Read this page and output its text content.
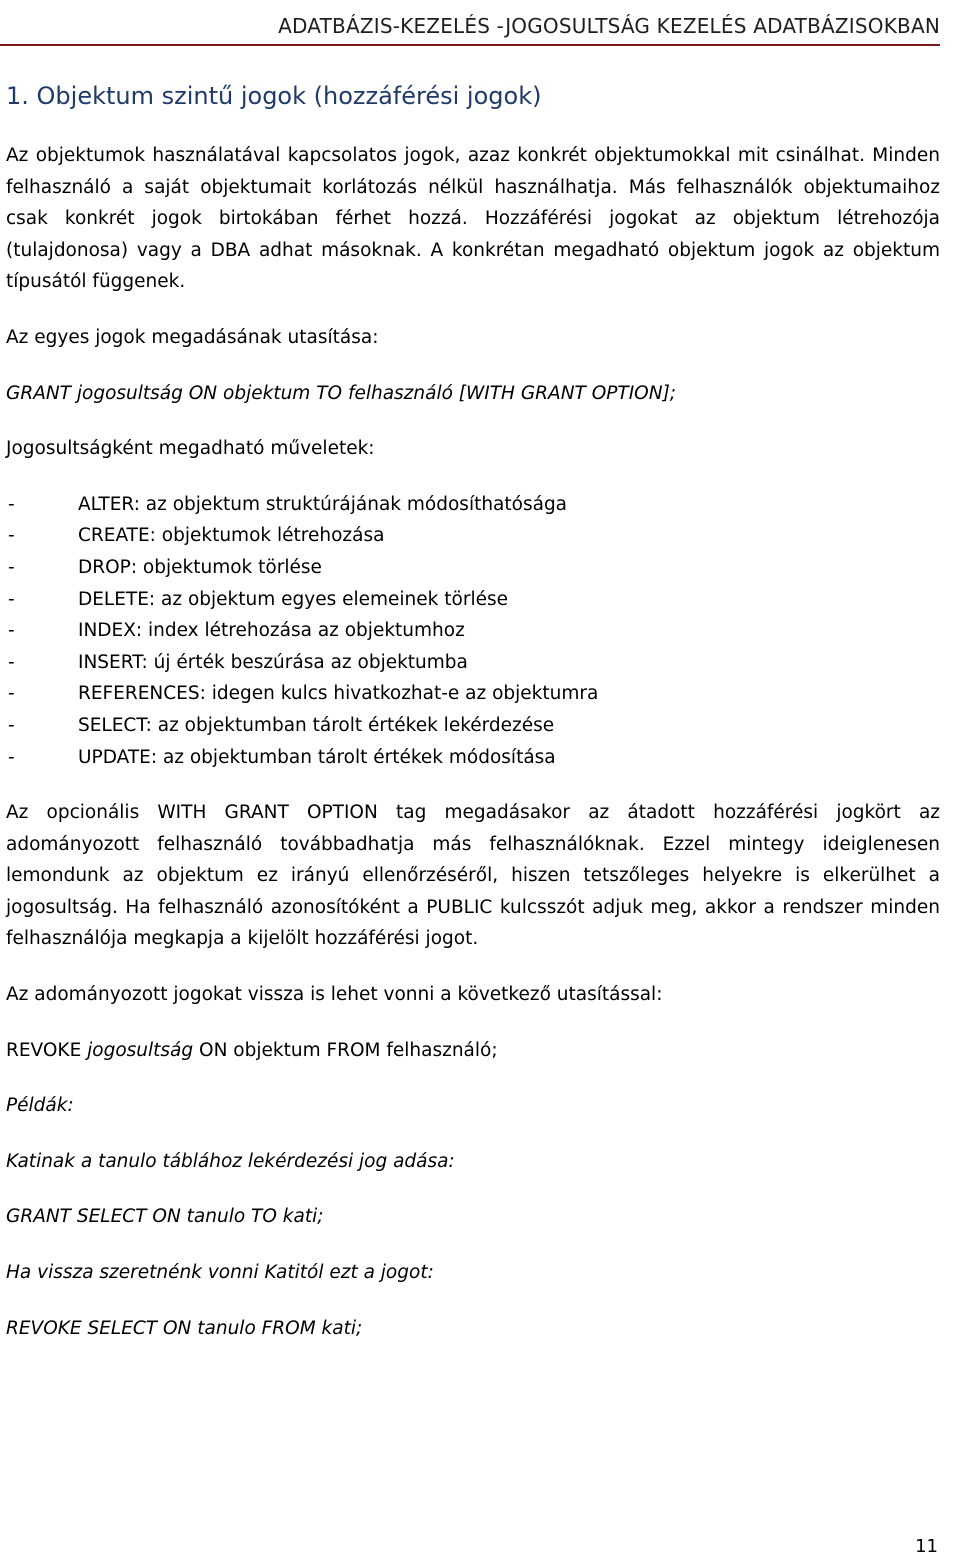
ADATBÁZIS-KEZELÉS -JOGOSULTSÁG KEZELÉS ADATBÁZISOKBAN
1. Objektum szintű jogok (hozzáférési jogok)

Az objektumok használatával kapcsolatos jogok, azaz konkrét objektumokkal mit csinálhat. Minden felhasználó a saját objektumait korlátozás nélkül használhatja. Más felhasználók objektumaihoz csak konkrét jogok birtokában férhet hozzá. Hozzáférési jogokat az objektum létrehozója (tulajdonosa) vagy a DBA adhat másoknak. A konkrétan megadható objektum jogok az objektum típusától függenek.

Az egyes jogok megadásának utasítása:

GRANT jogosultság ON objektum TO felhasználó [WITH GRANT OPTION];

Jogosultságként megadható műveletek:

-	ALTER: az objektum struktúrájának módosíthatósága
-	CREATE: objektumok létrehozása
-	DROP: objektumok törlése
-	DELETE: az objektum egyes elemeinek törlése
-	INDEX: index létrehozása az objektumhoz
-	INSERT: új érték beszúrása az objektumba
-	REFERENCES: idegen kulcs hivatkozhat-e az objektumra
-	SELECT: az objektumban tárolt értékek lekérdezése
-	UPDATE: az objektumban tárolt értékek módosítása

Az opcionális WITH GRANT OPTION tag megadásakor az átadott hozzáférési jogkört az adományozott felhasználó továbbadhatja más felhasználóknak. Ezzel mintegy ideiglenesen lemondunk az objektum ez irányú ellenőrzéséről, hiszen tetszőleges helyekre is elkerülhet a jogosultság. Ha felhasználó azonosítóként a PUBLIC kulcsszót adjuk meg, akkor a rendszer minden felhasználója megkapja a kijelölt hozzáférési jogot.

Az adományozott jogokat vissza is lehet vonni a következő utasítással:

REVOKE jogosultság ON objektum FROM felhasználó;

Példák:

Katinak a tanulo táblához lekérdezési jog adása:

GRANT SELECT ON tanulo TO kati;

Ha vissza szeretnénk vonni Katitól ezt a jogot:

REVOKE SELECT ON tanulo FROM kati;

11
